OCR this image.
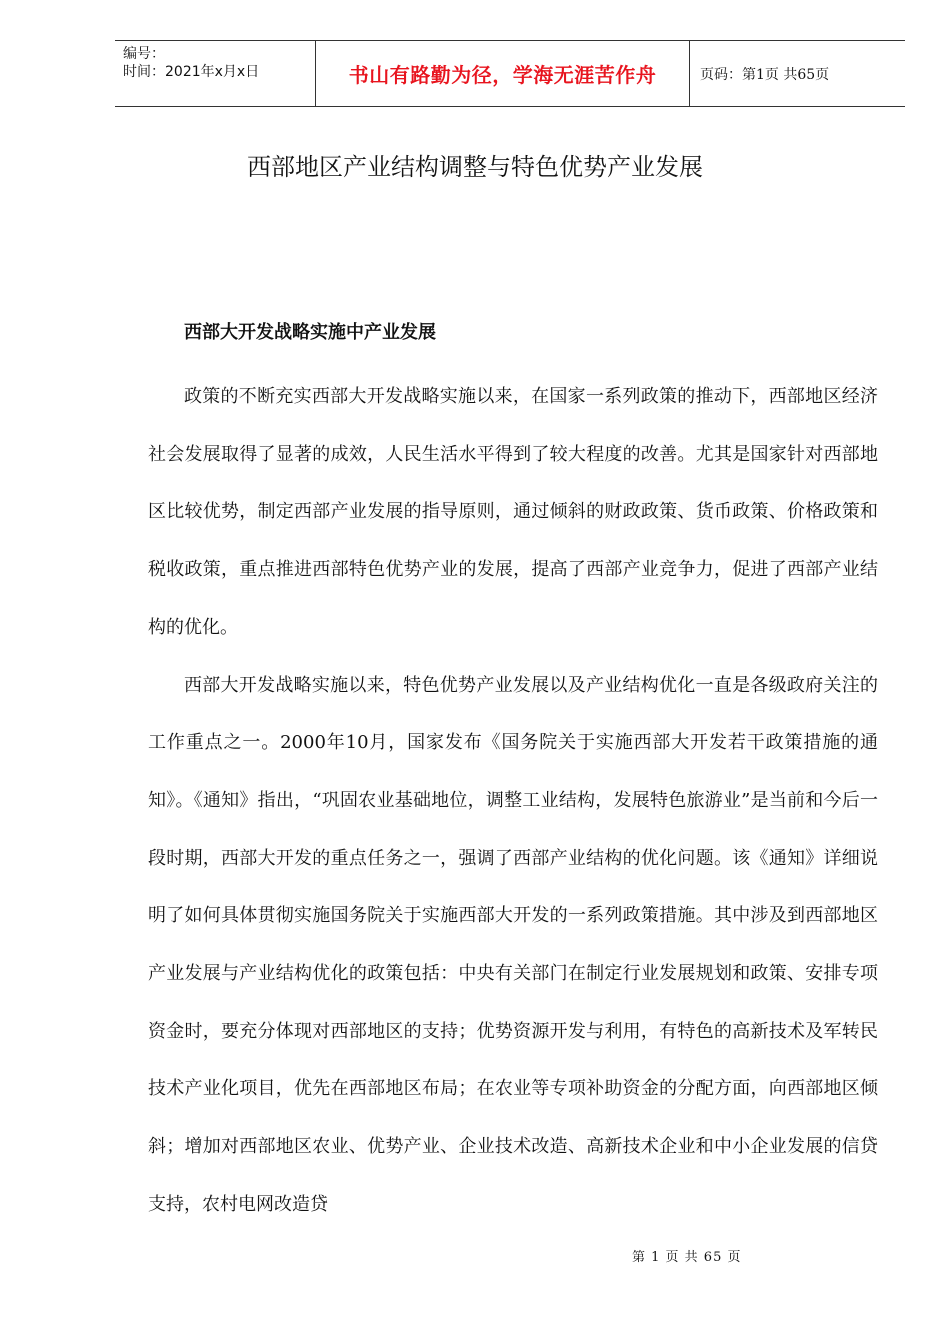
编号：
时间：2021年x月x日	书山有路勤为径，学海无涯苦作舟	页码：第1页 共65页
西部地区产业结构调整与特色优势产业发展
西部大开发战略实施中产业发展

政策的不断充实西部大开发战略实施以来，在国家一系列政策的推动下，西部地区经济社会发展取得了显著的成效，人民生活水平得到了较大程度的改善。尤其是国家针对西部地区比较优势，制定西部产业发展的指导原则，通过倾斜的财政政策、货币政策、价格政策和税收政策，重点推进西部特色优势产业的发展，提高了西部产业竞争力，促进了西部产业结构的优化。

西部大开发战略实施以来，特色优势产业发展以及产业结构优化一直是各级政府关注的工作重点之一。2000年10月，国家发布《国务院关于实施西部大开发若干政策措施的通知》。《通知》指出，“巩固农业基础地位，调整工业结构，发展特色旅游业”是当前和今后一段时期，西部大开发的重点任务之一，强调了西部产业结构的优化问题。该《通知》详细说明了如何具体贯彻实施国务院关于实施西部大开发的一系列政策措施。其中涉及到西部地区产业发展与产业结构优化的政策包括：中央有关部门在制定行业发展规划和政策、安排专项资金时，要充分体现对西部地区的支持；优势资源开发与利用，有特色的高新技术及军转民技术产业化项目，优先在西部地区布局；在农业等专项补助资金的分配方面，向西部地区倾斜；增加对西部地区农业、优势产业、企业技术改造、高新技术企业和中小企业发展的信贷支持，农村电网改造贷

第 1 页 共 65 页
